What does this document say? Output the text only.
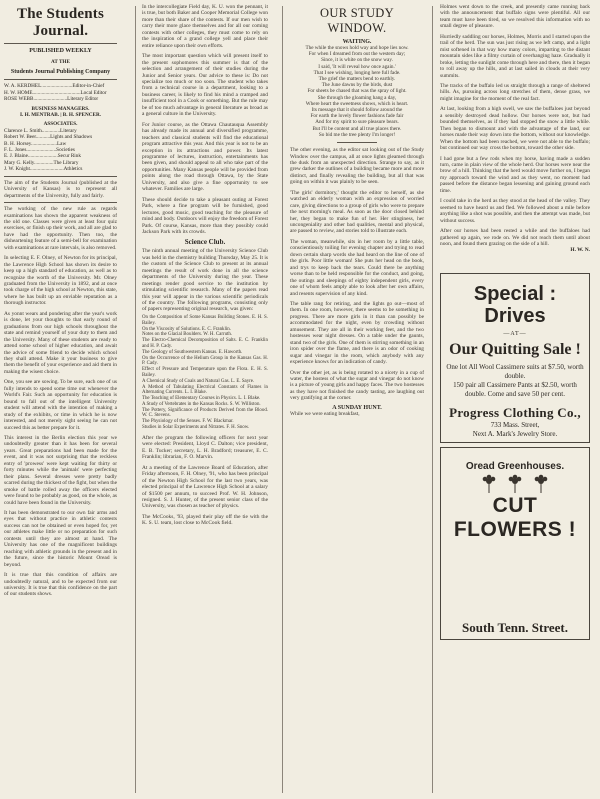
The Students Journal.
PUBLISHED WEEKLY
AT THE
Students Journal Publishing Company
W. A. KERDHEL........................Editor-in-Chief
H. W. HOME.....................................Local Editor
ROSE WEBB..........................Literary Editor
BUSINESS MANAGERS.
I. H. MENTRAB. | B. H. SPENCER.
ASSOCIATES.
Clarence L. Smith..............Literary
Robert W. Beer...........Lights and Shadows
B. H. Horsey....................Law
F. L. Jones.......................Societies
E. J. Blaine.......................Secur Rink
Mary G. Kelly...............The Library
J. W. Knight..........................Athletics

The aim of the Students Journal (published at the University of Kansas) is to represent all departments of the University, fully and fairly.

The working of the new rule as regards examinations has shown the apparent weakness of the old one. Classes were given at least four quiz exercises, or finish up their work, and all are glad to have had the opportunity. Then too, the disheartening feature of a semi-bell for examination with examinations at rare intervals, is also removed.

In selecting E. F. Olney, of Newton for its principal, the Lawrence High School has shown its desire to keep up a high standard of education, as well as to recognize the worth of the University. Mr. Olney graduated from the University in 1892, and at once took charge of the high school at Newton, this state, where he has built up an enviable reputation as a thorough instructor.

As yonnt wears and pondering after the year's work is done, let your thoughts to that early round of graduations from our high schools throughout the state and remind yourself of your duty to them and the University. Many of these students are ready to attend some school of higher education, and await the advice of some friend to decide which school they shall attend. Make it your business to give them the benefit of your experience and aid them in making the wisest choice.

One, you see are sowing. To be sure, each one of us fully intends to spend some time out whenever the World's Fair. Such an opportunity for education is bound to fall out of the intelligent University student will attend with the intention of making a study of the exhibits, or time in which he is now interested, and not merely sight seeing he can not succeed this as better prepare for it.

This interest in the Berlin election this year we undoubtedly greater than it has been for several years. Great preparations had been made for the event, and it was not surprising that the reckless entry of 'prowess' were kept waiting for thirty or forty minutes while the 'animals' were perfecting their plans. Several dresses were pretty badly scarred during the thickest of the fight, but when the smoke of battle rolled away the officers elected were found to be probably as good, on the whole, as could have been found in the University.

It has been demonstrated to our own fair arms and eyes that without practice in athletic contests success can not be obtained or even hoped for, yet our athletes make little or no preparation for such contests until they are almost at hand. The University has one of the magnificent buildings reaching with athletic grounds in the present and in the future, since the historic Mount Oread is beyond.

It is true that this condition of affairs are undoubtedly natural, and to be expected from our university. It is true that this confidence on the part of our students shows.

In the intercollegiate Field day, K. U. won the pennant, it is true, but both Baker and Cooper Memorial College won more than their share of the contests. If our men wish to carry their more glace themselves and for all our coming contests with other colleges, they must come to rely on the inspiration of a grand college yell and place their entire reliance upon their own efforts.

The most important question which will present itself to the present sophomores this summer is that of the selection and arrangement of their studies during the Junior and Senior years. Our advice to these is: Do not specialize too much or too soon. The student who takes from a technical course in a department, looking to a business career, is likely to find his mind a cramped and insufficient tool in a Cook or something. But the rule may be of too much advantage in general literature as broad as a general culture in the University.

For Junior course, as the Ottawa Chautauqua Assembly has already made its annual and diversified programme, teachers and classical students will find the educational program attractive this year. And this year is not to be an exception in its attractions and power. Its latest programme of lectures, instruction, entertainments has been given, and should appeal to all who take part of the opportunities. Many Kansas people will be provided from points along the road through Ottawa, by the State University, and also give a fine opportunity to see whatever. Families are large.

These should decide to take a pleasant outing at Forest Park, where a fine program will be furnished, good lectures, good music, good teaching for the pleasure of mind and body. Outdoors will enjoy the freedom of Forest Park. Of course, Kansas, more than they possibly could Jackson Park with its crowds.

Science Club.

The ninth annual meeting of the University Science Club was held in the chemistry building Thursday, May 25. It is the custom of the Science Club to present at its annual meetings the result of work done in all the science departments of the University during the year. These meetings render good service to the institution by stimulating scientific research. Many of the papers read this year will appear in the various scientific periodicals of the country. The following programs, consisting only of papers representing original research, was given:

On the Composition of Some Kansas Building Stones. E. H. S. Bailey.
On the Viscosity of Solutions. E. C. Franklin.
Notes on the Glacial Boulders. W. H. Carruth.
The Electro-Chemical Decomposition of Salts. E. C. Franklin and H. P. Cady.
The Geology of Southwestern Kansas. E. Haworth.
On the Occurrence of the Helium Group in the Kansas Gas. H. P. Cady.
Effect of Pressure and Temperature upon the Flora. E. H. S. Bailey.
A Chemical Study of Coals and Natural Gas. L. E. Sayre.
A Method of Tabulating Electrical Constants of Flames in Alternating Currents. L. I. Blake.
The Teaching of Elementary Courses in Physics. L. I. Blake.
A Study of Vertebrates in the Kansas Rocks. S. W. Williston.
The Pottery, Significance of Products Derived from the Blood. W. C. Stevens.
The Physiology of the Senses. F. W. Blackmar.
Studies in Solar Experiments and Nitrates. F. H. Snow.

After the program the following officers for next year were elected: President, Lloyd C. Dalton; vice president, E. B. Tucker; secretary, L. H. Bradford; treasurer, E. C. Franklin; librarian, F. O. Marvin.

At a meeting of the Lawrence Board of Education, after Friday afternoon, F. H. Olney, '91, who has been principal of the Newton High School for the last two years, was elected principal of the Lawrence High School at a salary of $1500 per annum, to succeed Prof. W. H. Johnson, resigned. S. J. Hunter, of the present senior class of the University, was chosen as teacher of physics.

The McCooks, '93, played their play off the tie with the K. S. U. team, lost close to McCook field.

OUR STUDY WINDOW.
WAITING.
The while the snows hold way and hope lies now.
For when I dreamed from out the western day;
Since, it is white on the snow way.
I said, 'It will reveal how once again.'
That I see wishing, longing here full fade.
The grief the matters bend to earthly.
The June dawns by the birds, dust
For sheets be chased that was the spray of light.
She through the gloaming hang a day,
Where heart the sweetness shows, which is heart.
Its message that it should follow around the
For earth the lovely flower fashions fade fair
And for my spirit to sure pleasure bears.
But I'll be content and all true places there.
So bid me the tree plenty I'm longer!

The other evening, as the editor sat looking out of the Study Window over the campus, all at once lights gleamed through the dusk from an unexpected direction. Strange to say, as it grew darker the outlines of a building became more and more distinct, and finally revealing the building, but all that was going on within it was plainly to be seen.

'The girls' dormitory,' thought the editor to herself, as she watched an elderly woman with an expression of worried care, giving directions to a group of girls who were to prepare the next morning's meal. As soon as the door closed behind her, they began to make fun of her. Her stinginess, her uncongeniality and other bad qualities, mental and physical, are passed to review, and stories told to illustrate each.

The woman, meanwhile, sits in her room by a little table, conscientiously toiling for evening chapter and trying to read down certain sharp words she had heard on the line of one of the girls. Poor little woman! She puts her head on the book, and trys to keep back the tears. Could there be anything worse than to be held responsible for the conduct, and going, the outings and sleepings of eighty independent girls, every one of whom feels amply able to look after her own affairs, and resents supervision of any kind.

The table rang for retiring, and the lights go out—most of them. In one room, however, there seems to be something in progress. There are more girls in it than can possibly be accommodated for the night, even by crowding without amusement. They are all in their working feet, and the two hostesses wear night dresses. On a table under the gaunts, stand two of the girls. One of them is stirring something in an iron spider over the flame, and there is an odor of cooking sugar and vinegar in the room, which anybody with any experience knows for an indication of candy.

Over the other jet, as is being rotated to a nicety in a cup of water, the hostess of what the sugar and vinegar do not know is a picture of young girls and happy faces. The two hostesses as they have not finished the candy tasting, are laughing out very gratifying at the corner.

A SUNDAY HUNT.

While we were eating breakfast,

Holmes went down to the creek, and presently came running back with the announcement that buffalo signs were plentiful. All our team must have been tired, so we resolved this information with no small degree of pleasure.

Hurriedly saddling our horses, Holmes, Morris and I started upon the trail of the herd. The sun was just rising as we left camp, and a light mist softened in that way how many colors, imparting to the distant mountain sides like a filmy curtain of overhanging haze. Gradually it broke, letting the sunlight come through here and there, then it began to roll away up the hills, and at last sailed in clouds at their very summits.

The tracks of the buffalo led us straight through a range of sheltered hills. As, pursuing across long stretches of them, dense grass, we might imagine for the moment of the real fact.

At last, looking from a high swell, we saw the buffaloes just beyond a sensibly destroyed dead hollow. Our horses were not, but had bounded themselves, as if they had stopped the snow a little while. Then began to dismount and with the advantage of the land, our horses made their way down into the bottom, without our knowledge. When the bottom had been reached, we were not able to the buffalo; but continued our way cross the bottom, toward the other side.

I had gone but a few rods when my horse, having made a sudden turn, came in plain view of the whole herd. Our horses were near the brow of a hill. Thinking that the herd would move further on, I began my approach toward the wind and as they went, no moment had passed before the distance began lessening and gaining ground each time.

I could take in the herd as they stood at the head of the valley. They seemed to have heard us and fled. We followed about a mile before anything like a shot was possible, and then the attempt was made, but without success.

After our horses had been rested a while and the buffaloes had gathered up again, we rode on. We did not reach them until about noon, and found them grazing on the side of a hill.

H. W. N.
Special : Drives
—AT—
Our Quitting Sale !
One lot All Wool Cassimere suits at $7.50, worth double.
150 pair all Cassimere Pants at $2.50, worth double. Come and save 50 per cent.
Progress Clothing Co.,
733 Mass. Street,
Next A. Mark's Jewelry Store.
Oread Greenhouses.
CUT FLOWERS !
South Tenn. Street.
